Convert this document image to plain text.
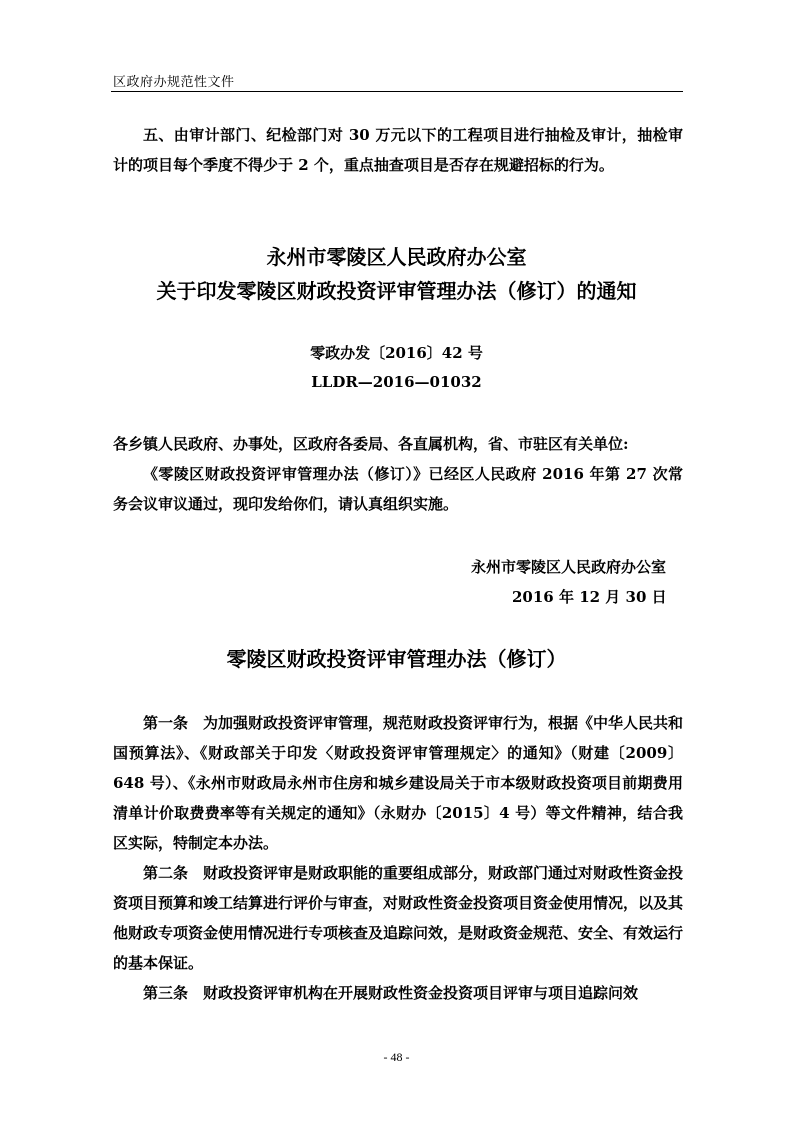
区政府办规范性文件
五、由审计部门、纪检部门对 30 万元以下的工程项目进行抽检及审计，抽检审计的项目每个季度不得少于 2 个，重点抽查项目是否存在规避招标的行为。
永州市零陵区人民政府办公室
关于印发零陵区财政投资评审管理办法（修订）的通知
零政办发〔2016〕42 号
LLDR—2016—01032
各乡镇人民政府、办事处，区政府各委局、各直属机构，省、市驻区有关单位:
《零陵区财政投资评审管理办法（修订）》已经区人民政府 2016 年第 27 次常务会议审议通过，现印发给你们，请认真组织实施。
永州市零陵区人民政府办公室
2016 年 12 月 30 日
零陵区财政投资评审管理办法（修订）
第一条　为加强财政投资评审管理，规范财政投资评审行为，根据《中华人民共和国预算法》、《财政部关于印发〈财政投资评审管理规定〉的通知》（财建〔2009〕648 号）、《永州市财政局永州市住房和城乡建设局关于市本级财政投资项目前期费用清单计价取费费率等有关规定的通知》（永财办〔2015〕4 号）等文件精神，结合我区实际，特制定本办法。
第二条　财政投资评审是财政职能的重要组成部分，财政部门通过对财政性资金投资项目预算和竣工结算进行评价与审查，对财政性资金投资项目资金使用情况，以及其他财政专项资金使用情况进行专项核查及追踪问效，是财政资金规范、安全、有效运行的基本保证。
第三条　财政投资评审机构在开展财政性资金投资项目评审与项目追踪问效
- 48 -
